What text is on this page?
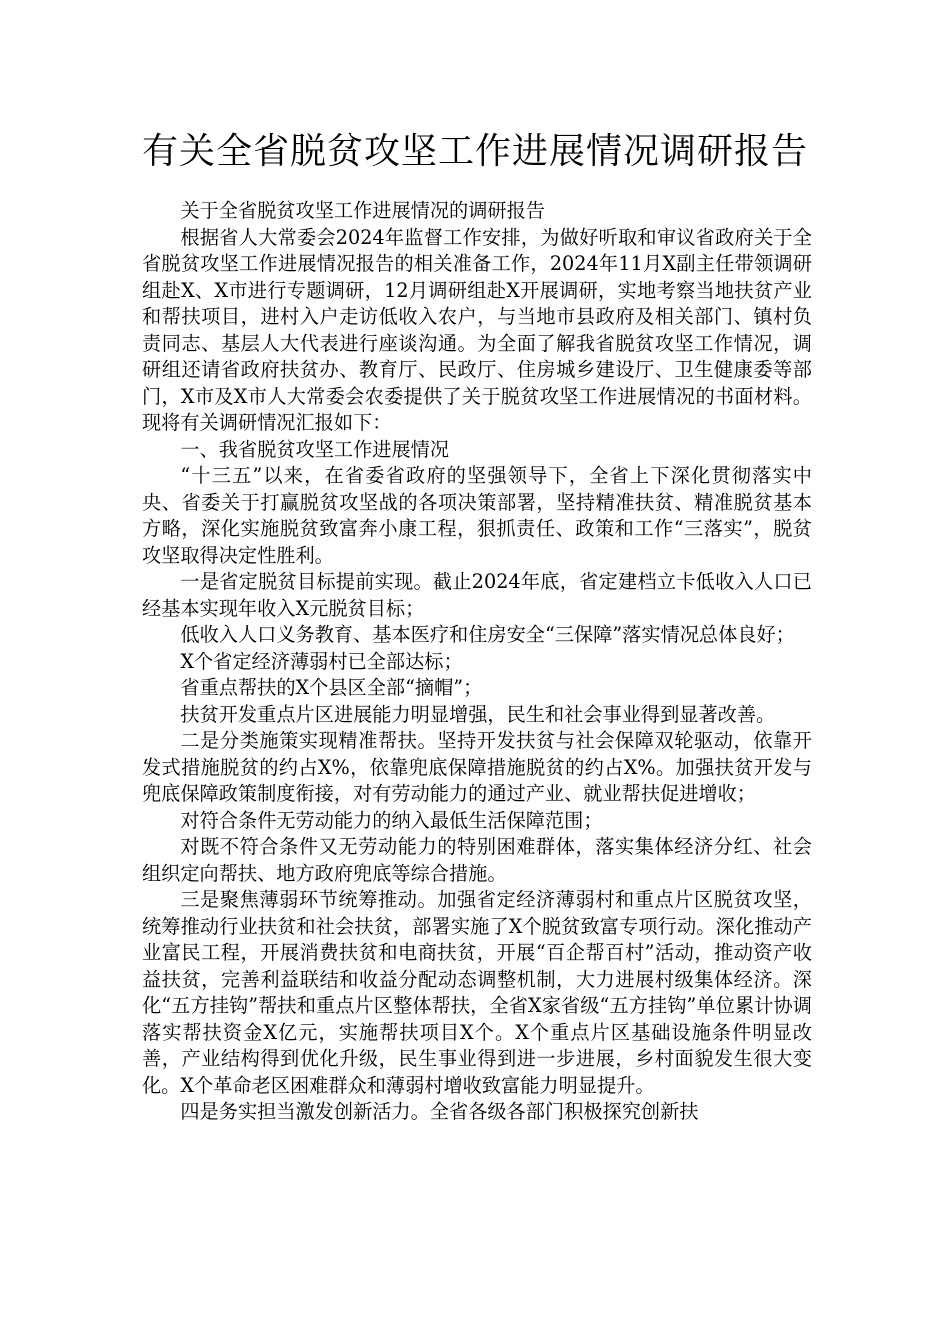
有关全省脱贫攻坚工作进展情况调研报告

关于全省脱贫攻坚工作进展情况的调研报告

根据省人大常委会2024年监督工作安排，为做好听取和审议省政府关于全省脱贫攻坚工作进展情况报告的相关准备工作，2024年11月X副主任带领调研组赴X、X市进行专题调研，12月调研组赴X开展调研，实地考察当地扶贫产业和帮扶项目，进村入户走访低收入农户，与当地市县政府及相关部门、镇村负责同志、基层人大代表进行座谈沟通。为全面了解我省脱贫攻坚工作情况，调研组还请省政府扶贫办、教育厅、民政厅、住房城乡建设厅、卫生健康委等部门，X市及X市人大常委会农委提供了关于脱贫攻坚工作进展情况的书面材料。现将有关调研情况汇报如下：

一、我省脱贫攻坚工作进展情况

“十三五”以来，在省委省政府的坚强领导下，全省上下深化贯彻落实中央、省委关于打赢脱贫攻坚战的各项决策部署，坚持精准扶贫、精准脱贫基本方略，深化实施脱贫致富奔小康工程，狠抓责任、政策和工作“三落实”，脱贫攻坚取得决定性胜利。

一是省定脱贫目标提前实现。截止2024年底，省定建档立卡低收入人口已经基本实现年收入X元脱贫目标；

低收入人口义务教育、基本医疗和住房安全“三保障”落实情况总体良好；

X个省定经济薄弱村已全部达标；

省重点帮扶的X个县区全部“摘帽”；

扶贫开发重点片区进展能力明显增强，民生和社会事业得到显著改善。

二是分类施策实现精准帮扶。坚持开发扶贫与社会保障双轮驱动，依靠开发式措施脱贫的约占X%，依靠兜底保障措施脱贫的约占X%。加强扶贫开发与兜底保障政策制度衔接，对有劳动能力的通过产业、就业帮扶促进增收；

对符合条件无劳动能力的纳入最低生活保障范围；

对既不符合条件又无劳动能力的特别困难群体，落实集体经济分红、社会组织定向帮扶、地方政府兜底等综合措施。

三是聚焦薄弱环节统筹推动。加强省定经济薄弱村和重点片区脱贫攻坚，统筹推动行业扶贫和社会扶贫，部署实施了X个脱贫致富专项行动。深化推动产业富民工程，开展消费扶贫和电商扶贫，开展“百企帮百村”活动，推动资产收益扶贫，完善利益联结和收益分配动态调整机制，大力进展村级集体经济。深化“五方挂钩”帮扶和重点片区整体帮扶，全省X家省级“五方挂钩”单位累计协调落实帮扶资金X亿元，实施帮扶项目X个。X个重点片区基础设施条件明显改善，产业结构得到优化升级，民生事业得到进一步进展，乡村面貌发生很大变化。X个革命老区困难群众和薄弱村增收致富能力明显提升。

四是务实担当激发创新活力。全省各级各部门积极探究创新扶
